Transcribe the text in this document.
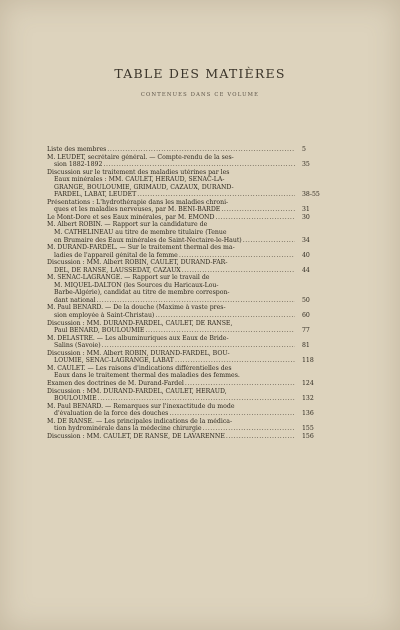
TABLE DES MATIÈRES
CONTENUES DANS CE VOLUME
Liste des membres .....	5
M. LEUDET, secrétaire général. — Compte-rendu de la ses-
sion 1882-1892 .....	35
Discussion sur le traitement des maladies utérines par les
Eaux minérales : MM. CAULET, HÉRAUD, SÉNAC-LA-
GRANGE, BOULOUMIÉ, GRIMAUD, CAZAUX, DURAND-
FARDEL, LABAT, LEUDET .....	38-55
Présentations : L'hydrothérapie dans les maladies chroni-
ques et les maladies nerveuses, par M. BENI-BARDE .....	31
Le Mont-Dore et ses Eaux minérales, par M. EMOND .....	30
M. Albert ROBIN. — Rapport sur la candidature de
M. CATHELINEAU au titre de membre titulaire (Tenue
en Brumaire des Eaux minérales de Saint-Nectaire-le-Haut) .....	34
M. DURAND-FARDEL. — Sur le traitement thermal des ma-
ladies de l'appareil génital de la femme .....	40
Discussion : MM. Albert ROBIN, CAULET, DURAND-FAR-
DEL, DE RANSE, LAUSSEDAT, CAZAUX .....	44
M. SÉNAC-LAGRANGE. — Rapport sur le travail de
M. MIQUEL-DALTON (les Sources du Haricaux-Lou-
Barbe-Algérie), candidat au titre de membre correspon-
dant national .....	50
M. Paul BÉNARD. — De la douche (Maxime à vaste pres-
sion employée à Saint-Christau) .....	60
Discussion : MM. DURAND-FARDEL, CAULET, DE RANSE,
Paul BÉNARD, BOULOUMIÉ .....	77
M. DELASTRE. — Les albuminuriques aux Eaux de Bride-
Salins (Savoie) .....	81
Discussion : MM. Albert ROBIN, DURAND-FARDEL, BOU-
LOUMIÉ, SÉNAC-LAGRANGE, LABAT .....	118
M. CAULET. — Les raisons d'indications différentielles des
Eaux dans le traitement thermal des maladies des femmes.
Examen des doctrines de M. Durand-Fardel .....	124
Discussion : MM. DURAND-FARDEL, CAULET, HÉRAUD,
BOULOUMIÉ .....	132
M. Paul BÉNARD. — Remarques sur l'inexactitude du mode
d'évaluation de la force des douches .....	136
M. DE RANSE. — Les principales indications de la médica-
tion hydrominérale dans la médecine chirurgie .....	155
Discussion : MM. CAULET, DE RANSE, DE LAVARENNE .....	156
